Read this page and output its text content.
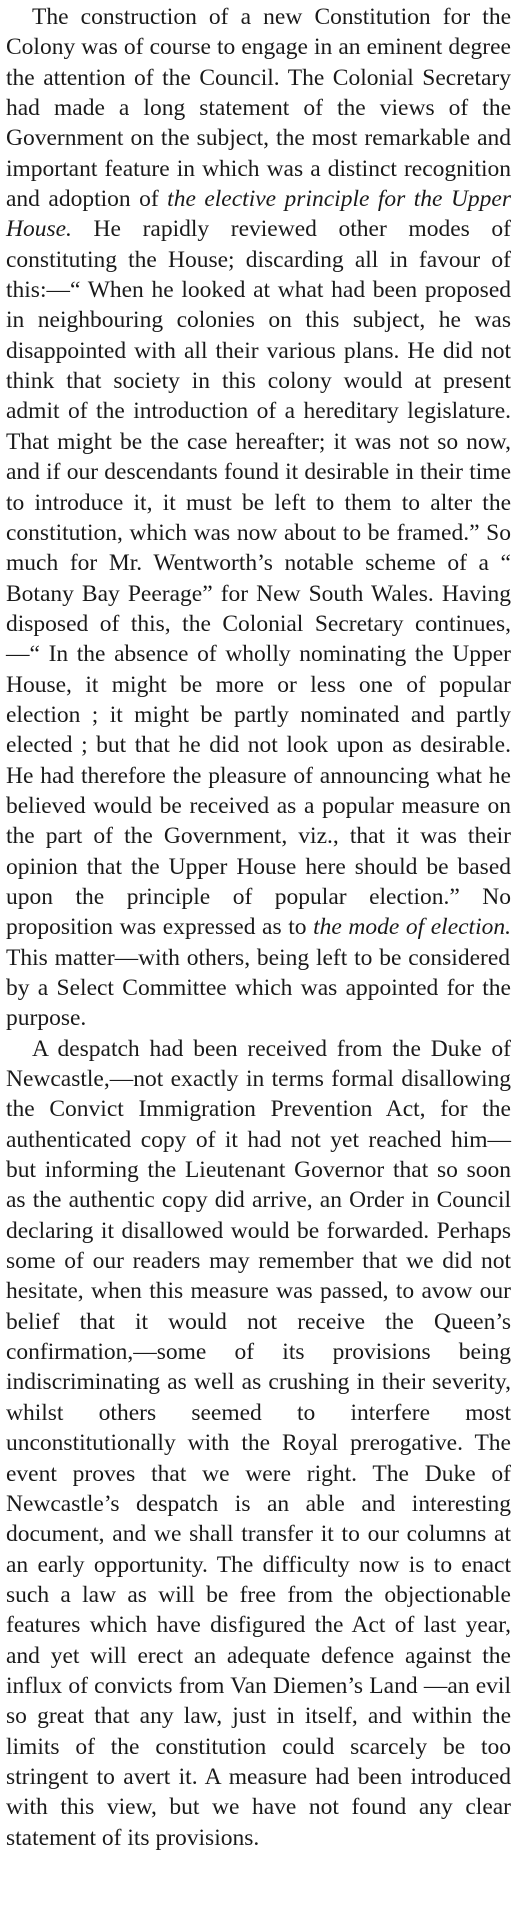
The construction of a new Constitution for the Colony was of course to engage in an eminent degree the attention of the Council. The Colonial Secretary had made a long statement of the views of the Government on the subject, the most remarkable and important feature in which was a distinct recognition and adoption of the elective principle for the Upper House. He rapidly reviewed other modes of constituting the House; discarding all in favour of this:—“ When he looked at what had been proposed in neighbouring colonies on this subject, he was disappointed with all their various plans. He did not think that society in this colony would at present admit of the introduction of a hereditary legislature. That might be the case hereafter; it was not so now, and if our descendants found it desirable in their time to introduce it, it must be left to them to alter the constitution, which was now about to be framed.” So much for Mr. Wentworth’s notable scheme of a “ Botany Bay Peerage” for New South Wales. Having disposed of this, the Colonial Secretary continues,—“ In the absence of wholly nominating the Upper House, it might be more or less one of popular election ; it might be partly nominated and partly elected ; but that he did not look upon as desirable. He had therefore the pleasure of announcing what he believed would be received as a popular measure on the part of the Government, viz., that it was their opinion that the Upper House here should be based upon the principle of popular election.” No proposition was expressed as to the mode of election. This matter—with others, being left to be considered by a Select Committee which was appointed for the purpose.

A despatch had been received from the Duke of Newcastle,—not exactly in terms formal disallowing the Convict Immigration Prevention Act, for the authenticated copy of it had not yet reached him—but informing the Lieutenant Governor that so soon as the authentic copy did arrive, an Order in Council declaring it disallowed would be forwarded. Perhaps some of our readers may remember that we did not hesitate, when this measure was passed, to avow our belief that it would not receive the Queen’s confirmation,—some of its provisions being indiscriminating as well as crushing in their severity, whilst others seemed to interfere most unconstitutionally with the Royal prerogative. The event proves that we were right. The Duke of Newcastle’s despatch is an able and interesting document, and we shall transfer it to our columns at an early opportunity. The difficulty now is to enact such a law as will be free from the objectionable features which have disfigured the Act of last year, and yet will erect an adequate defence against the influx of convicts from Van Diemen’s Land —an evil so great that any law, just in itself, and within the limits of the constitution could scarcely be too stringent to avert it. A measure had been introduced with this view, but we have not found any clear statement of its provisions.
